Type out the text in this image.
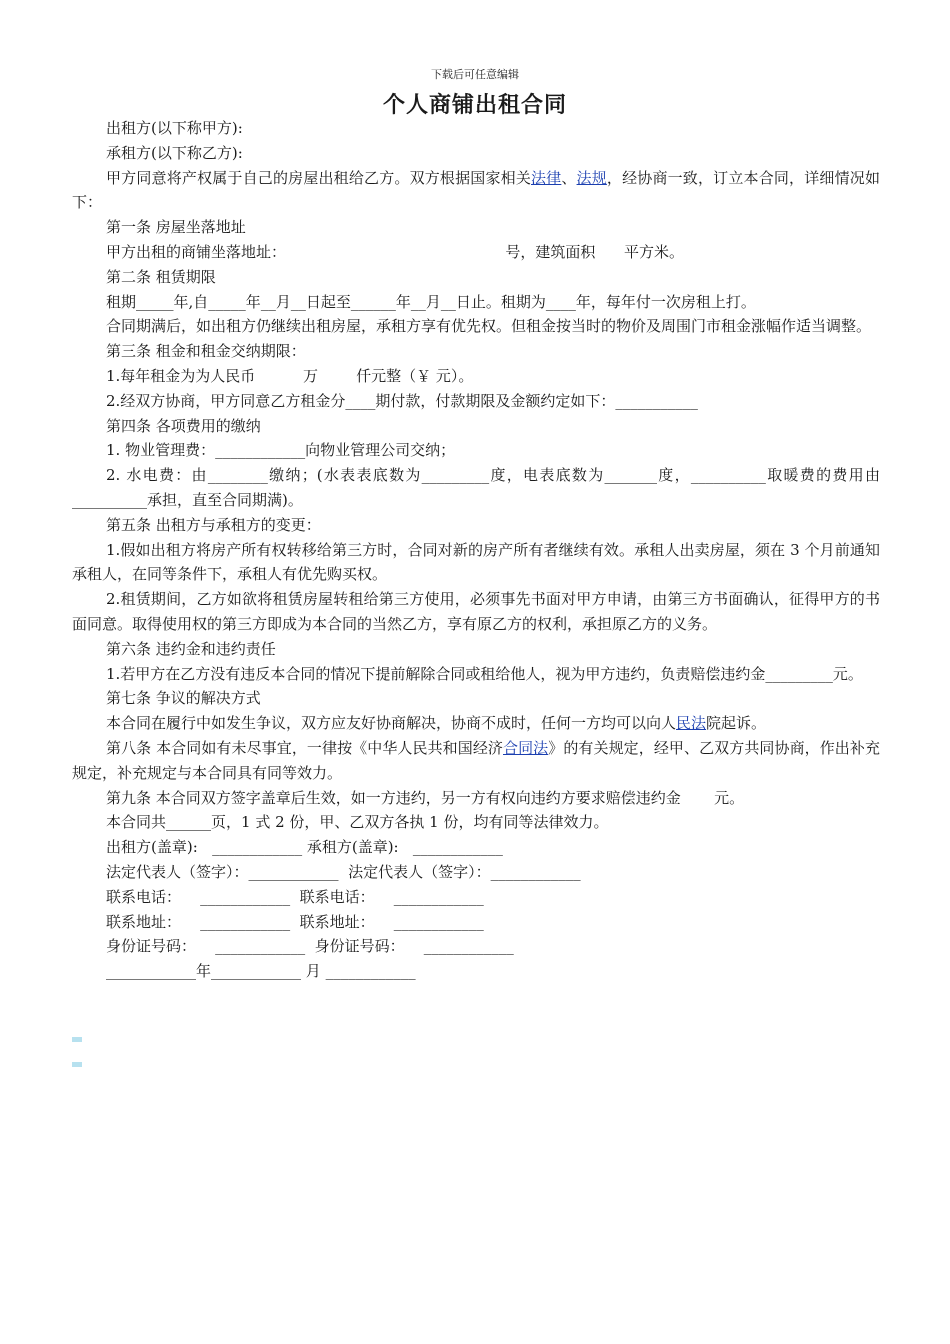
下载后可任意编辑
个人商铺出租合同

出租方(以下称甲方):

承租方(以下称乙方):

甲方同意将产权属于自己的房屋出租给乙方。双方根据国家相关法律、法规，经协商一致，订立本合同，详细情况如下：

第一条 房屋坐落地址

甲方出租的商铺坐落地址：                                              号，建筑面积      平方米。

第二条 租赁期限

租期_____年,自_____年__月__日起至______年__月__日止。租期为____年，每年付一次房租上打。

合同期满后，如出租方仍继续出租房屋，承租方享有优先权。但租金按当时的物价及周围门市租金涨幅作适当调整。

第三条 租金和租金交纳期限：

1.每年租金为为人民币          万        仟元整（￥ 元）。

2.经双方协商，甲方同意乙方租金分____期付款，付款期限及金额约定如下：___________

第四条 各项费用的缴纳

1. 物业管理费：____________向物业管理公司交纳；

2. 水电费：由________缴纳；(水表表底数为_________度，电表底数为_______度，__________取暖费的费用由__________承担，直至合同期满)。

第五条 出租方与承租方的变更：

1.假如出租方将房产所有权转移给第三方时，合同对新的房产所有者继续有效。承租人出卖房屋，须在 3 个月前通知承租人，在同等条件下，承租人有优先购买权。

2.租赁期间，乙方如欲将租赁房屋转租给第三方使用，必须事先书面对甲方申请，由第三方书面确认，征得甲方的书面同意。取得使用权的第三方即成为本合同的当然乙方，享有原乙方的权利，承担原乙方的义务。

第六条 违约金和违约责任

1.若甲方在乙方没有违反本合同的情况下提前解除合同或租给他人，视为甲方违约，负责赔偿违约金_________元。

第七条 争议的解决方式

本合同在履行中如发生争议，双方应友好协商解决，协商不成时，任何一方均可以向人民法院起诉。

第八条 本合同如有未尽事宜，一律按《中华人民共和国经济合同法》的有关规定，经甲、乙双方共同协商，作出补充规定，补充规定与本合同具有同等效力。

第九条 本合同双方签字盖章后生效，如一方违约，另一方有权向违约方要求赔偿违约金       元。

本合同共______页，1 式 2 份，甲、乙双方各执 1 份，均有同等法律效力。

出租方(盖章):   ____________ 承租方(盖章):   ____________
法定代表人（签字）：____________ 法定代表人（签字）：____________
联系电话：    ____________ 联系电话：    ____________
联系地址：    ____________ 联系地址：    ____________
身份证号码：    ____________ 身份证号码：    ____________
____________年____________ 月 ____________
